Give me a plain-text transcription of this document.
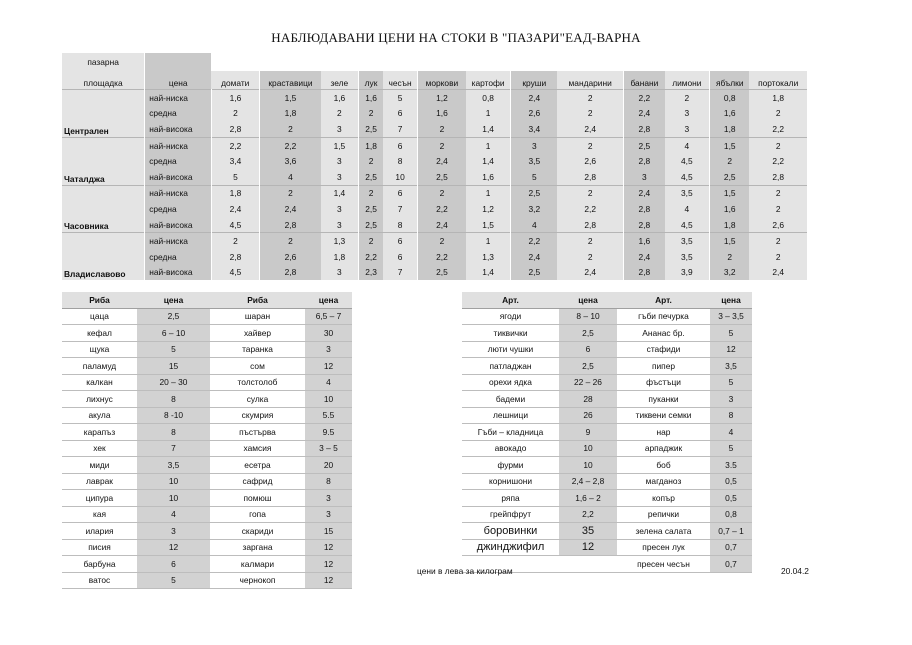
НАБЛЮДАВАНИ ЦЕНИ НА СТОКИ В "ПАЗАРИ"ЕАД-ВАРНА
пазарна														
площадка	цена	домати	краставици	зеле	лук	чесън	моркови	картофи	круши	мандарини	банани	лимони	ябълки	портокали
Централен	най-ниска	1,6	1,5	1,6	1,6	5	1,2	0,8	2,4	2	2,2	2	0,8	1,8
	средна	2	1,8	2	2	6	1,6	1	2,6	2	2,4	3	1,6	2
	най-висока	2,8	2	3	2,5	7	2	1,4	3,4	2,4	2,8	3	1,8	2,2
Чаталджа	най-ниска	2,2	2,2	1,5	1,8	6	2	1	3	2	2,5	4	1,5	2
	средна	3,4	3,6	3	2	8	2,4	1,4	3,5	2,6	2,8	4,5	2	2,2
	най-висока	5	4	3	2,5	10	2,5	1,6	5	2,8	3	4,5	2,5	2,8
Часовника	най-ниска	1,8	2	1,4	2	6	2	1	2,5	2	2,4	3,5	1,5	2
	средна	2,4	2,4	3	2,5	7	2,2	1,2	3,2	2,2	2,8	4	1,6	2
	най-висока	4,5	2,8	3	2,5	8	2,4	1,5	4	2,8	2,8	4,5	1,8	2,6
Владиславово	най-ниска	2	2	1,3	2	6	2	1	2,2	2	1,6	3,5	1,5	2
	средна	2,8	2,6	1,8	2,2	6	2,2	1,3	2,4	2	2,4	3,5	2	2
	най-висока	4,5	2,8	3	2,3	7	2,5	1,4	2,5	2,4	2,8	3,9	3,2	2,4
Риба	цена	Риба	цена
цаца	2,5	шаран	6,5 – 7
кефал	6 – 10	хайвер	30
щука	5	таранка	3
паламуд	15	сом	12
калкан	20 – 30	толстолоб	4
лихнус	8	сулка	10
акула	8 -10	скумрия	5.5
карапъз	8	пъстърва	9.5
хек	7	хамсия	3 – 5
миди	3,5	есетра	20
лаврак	10	сафрид	8
ципура	10	помюш	3
кая	4	гопа	3
илария	3	скариди	15
писия	12	заргана	12
барбуна	6	калмари	12
ватос	5	чернокоп	12
Арт.	цена	Арт.	цена
ягоди	8 – 10	гъби печурка	3 – 3,5
тиквички	2,5	Ананас бр.	5
люти чушки	6	стафиди	12
патладжан	2,5	пипер	3,5
орехи ядка	22 – 26	фъстъци	5
бадеми	28	пуканки	3
лешници	26	тиквени семки	8
Гъби – кладница	9	нар	4
авокадо	10	арпаджик	5
фурми	10	боб	3.5
корнишони	2,4 – 2,8	магданоз	0,5
ряпа	1,6 – 2	копър	0,5
грейпфрут	2,2	репички	0,8
боровинки	35	зелена салата	0,7 – 1
джинджифил	12	пресен лук	0,7
		пресен чесън	0,7
цени в лева за килограм	20.04.2
